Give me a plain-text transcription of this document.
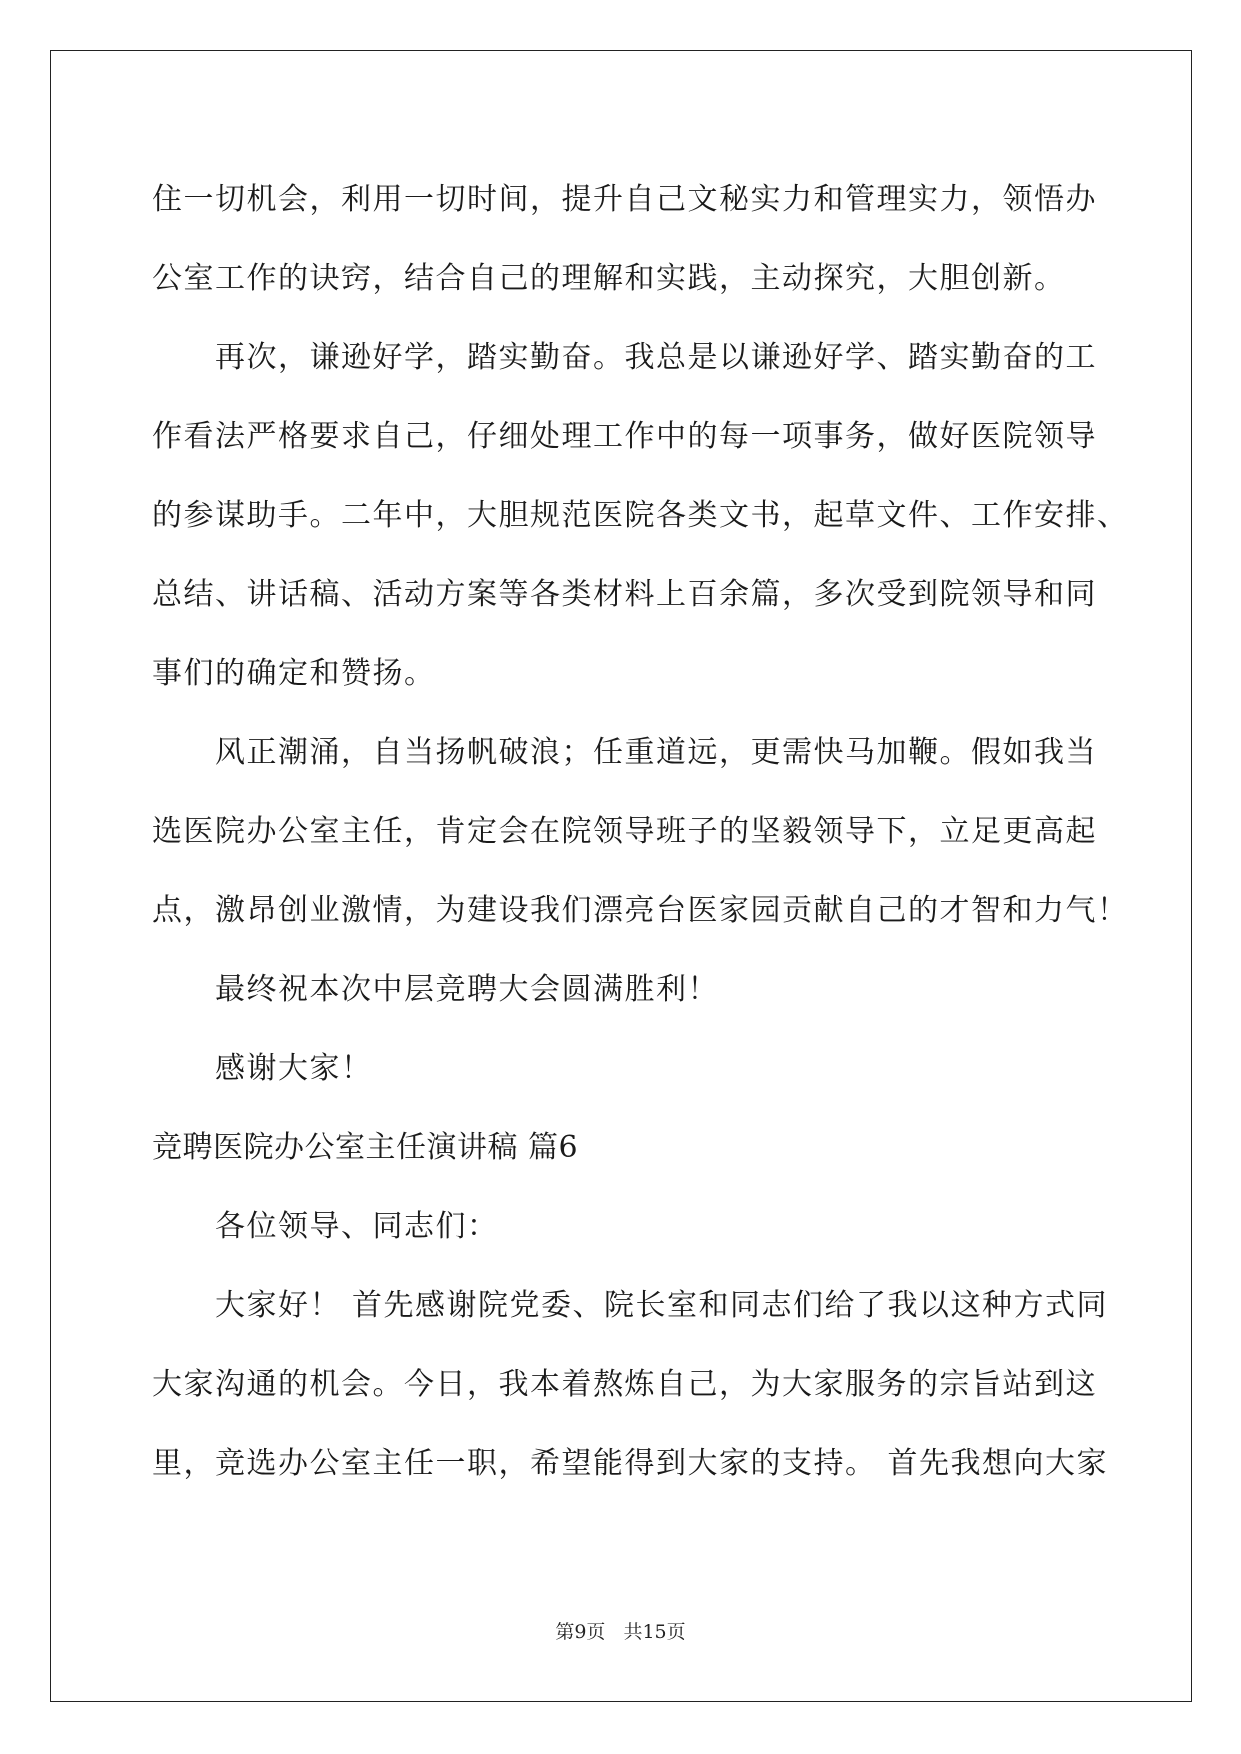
住一切机会，利用一切时间，提升自己文秘实力和管理实力，领悟办
公室工作的诀窍，结合自己的理解和实践，主动探究，大胆创新。
再次，谦逊好学，踏实勤奋。我总是以谦逊好学、踏实勤奋的工
作看法严格要求自己，仔细处理工作中的每一项事务，做好医院领导
的参谋助手。二年中，大胆规范医院各类文书，起草文件、工作安排、
总结、讲话稿、活动方案等各类材料上百余篇，多次受到院领导和同
事们的确定和赞扬。
风正潮涌，自当扬帆破浪；任重道远，更需快马加鞭。假如我当
选医院办公室主任，肯定会在院领导班子的坚毅领导下，立足更高起
点，激昂创业激情，为建设我们漂亮台医家园贡献自己的才智和力气！
最终祝本次中层竞聘大会圆满胜利！
感谢大家！
竞聘医院办公室主任演讲稿 篇6
各位领导、同志们：
大家好！ 首先感谢院党委、院长室和同志们给了我以这种方式同
大家沟通的机会。今日，我本着熬炼自己，为大家服务的宗旨站到这
里，竞选办公室主任一职，希望能得到大家的支持。 首先我想向大家
第9页 共15页
